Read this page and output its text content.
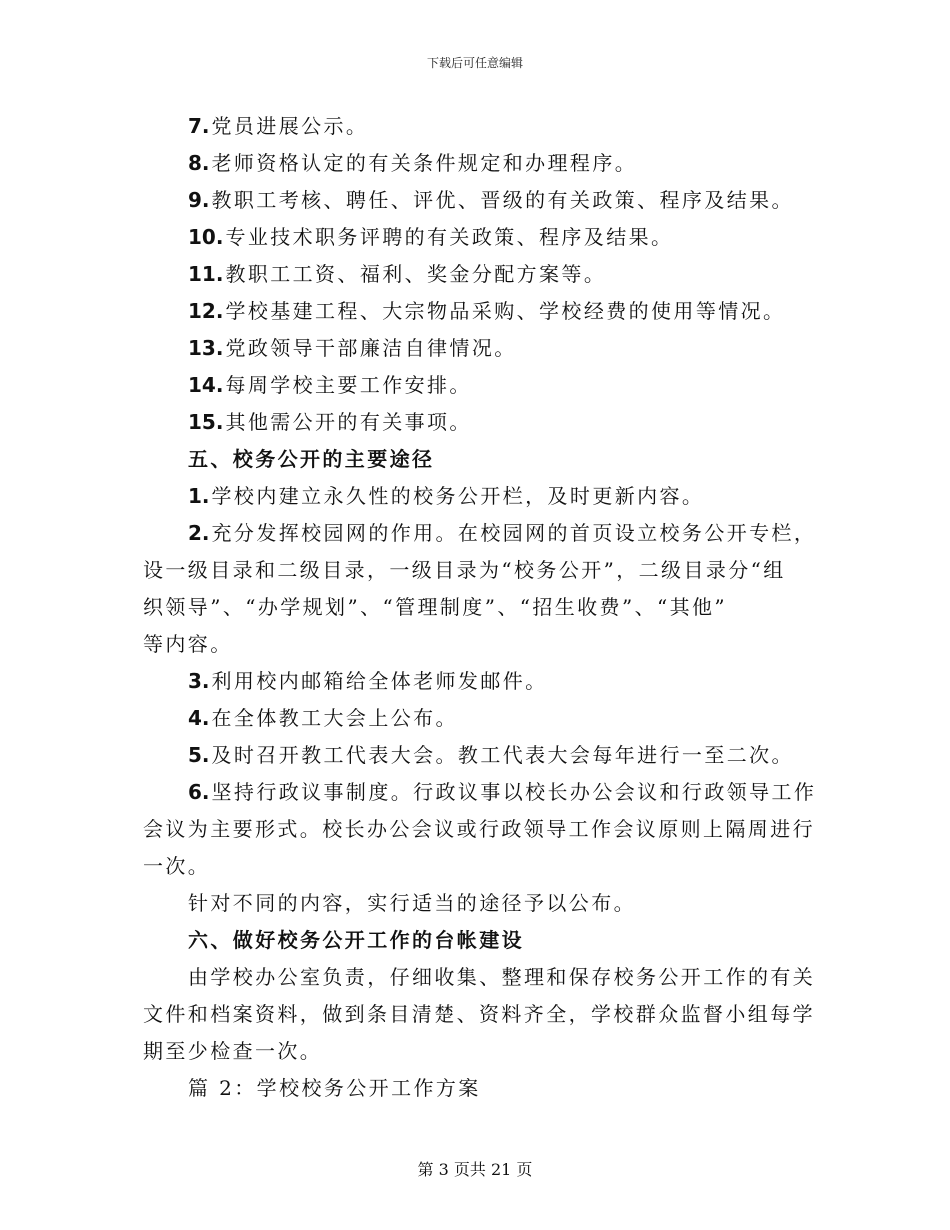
下载后可任意编辑
7. 党员进展公示。
8. 老师资格认定的有关条件规定和办理程序。
9. 教职工考核、聘任、评优、晋级的有关政策、程序及结果。
10. 专业技术职务评聘的有关政策、程序及结果。
11. 教职工工资、福利、奖金分配方案等。
12. 学校基建工程、大宗物品采购、学校经费的使用等情况。
13. 党政领导干部廉洁自律情况。
14. 每周学校主要工作安排。
15. 其他需公开的有关事项。
五、校务公开的主要途径
1. 学校内建立永久性的校务公开栏，及时更新内容。
2. 充分发挥校园网的作用。在校园网的首页设立校务公开专栏，
设一级目录和二级目录，一级目录为“校务公开”，二级目录分“组
织领导”、“办学规划”、“管理制度”、“招生收费”、“其他”
等内容。
3. 利用校内邮箱给全体老师发邮件。
4. 在全体教工大会上公布。
5. 及时召开教工代表大会。教工代表大会每年进行一至二次。
6. 坚持行政议事制度。行政议事以校长办公会议和行政领导工作
会议为主要形式。校长办公会议或行政领导工作会议原则上隔周进行
一次。
针对不同的内容，实行适当的途径予以公布。
六、做好校务公开工作的台帐建设
由学校办公室负责，仔细收集、整理和保存校务公开工作的有关
文件和档案资料，做到条目清楚、资料齐全，学校群众监督小组每学
期至少检查一次。
篇 2：学校校务公开工作方案
第 3 页共 21 页
